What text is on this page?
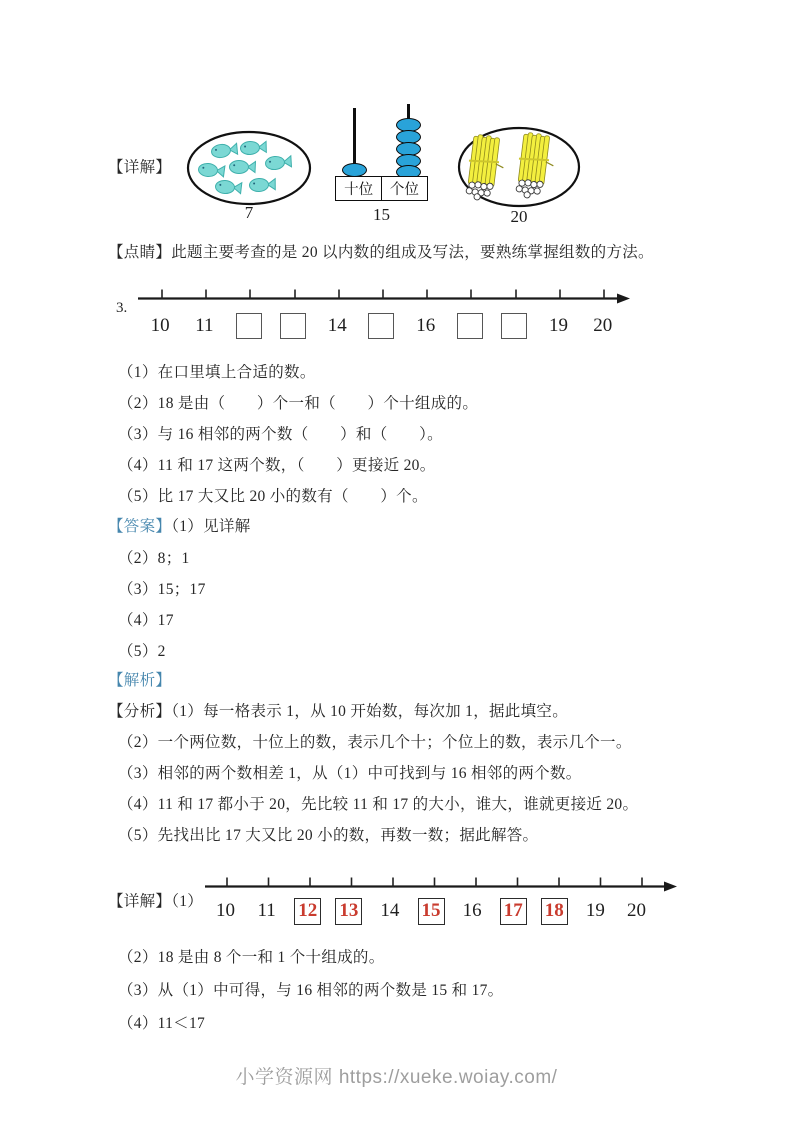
【详解】
7
十位	个位
15	20
【点睛】此题主要考查的是 20 以内数的组成及写法，要熟练掌握组数的方法。
3.
10	11	14	16	19	20
（1）在口里填上合适的数。
（2）18 是由（　　）个一和（　　）个十组成的。
（3）与 16 相邻的两个数（　　）和（　　）。
（4）11 和 17 这两个数，（　　）更接近 20。
（5）比 17 大又比 20 小的数有（　　）个。
【答案】（1）见详解
（2）8；1
（3）15；17
（4）17
（5）2
【解析】
【分析】（1）每一格表示 1，从 10 开始数，每次加 1，据此填空。
（2）一个两位数，十位上的数，表示几个十；个位上的数，表示几个一。
（3）相邻的两个数相差 1，从（1）中可找到与 16 相邻的两个数。
（4）11 和 17 都小于 20，先比较 11 和 17 的大小，谁大，谁就更接近 20。
（5）先找出比 17 大又比 20 小的数，再数一数；据此解答。
【详解】（1） 10	11	12 13	14	15	16	17 18	19	20
（2）18 是由 8 个一和 1 个十组成的。
（3）从（1）中可得，与 16 相邻的两个数是 15 和 17。
（4）11＜17
小学资源网 https://xueke.woiay.com/
